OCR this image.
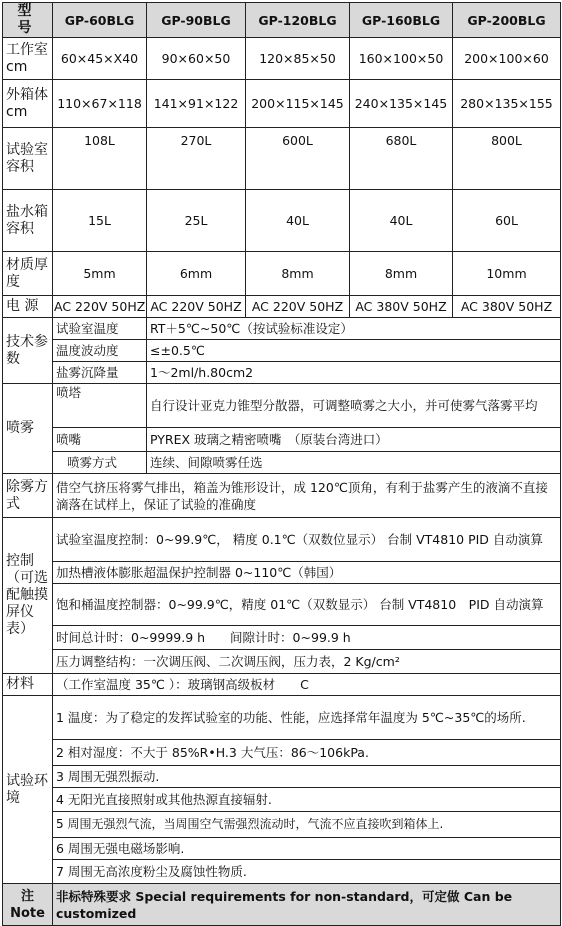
型 号	GP-60BLG	GP-90BLG	GP-120BLG	GP-160BLG	GP-200BLG
工作室 cm	60×45×X40	90×60×50	120×85×50	160×100×50	200×100×60
外箱体 cm	110×67×118	141×91×122	200×115×145	240×135×145	280×135×155
试验室容积	108L	270L	600L	680L	800L
盐水箱容积	15L	25L	40L	40L	60L
材质厚度	5mm	6mm	8mm	8mm	10mm
电 源	AC 220V 50HZ	AC 220V 50HZ	AC 220V 50HZ	AC 380V 50HZ	AC 380V 50HZ
技术参数	试验室温度	RT＋5℃~50℃（按试验标准设定）			
	温度波动度	≤±0.5℃			
	盐雾沉降量	1～2ml/h.80cm2			
喷雾	喷塔	自行设计亚克力锥型分散器，可调整喷雾之大小，并可使雾气落雾平均			
	喷嘴	PYREX 玻璃之精密喷嘴　（原装台湾进口）			
	喷雾方式	连续、间隙喷雾任选			
除雾方式	借空气挤压将雾气排出，箱盖为锥形设计，成 120℃顶角，有利于盐雾产生的液滴不直接滴落在试样上，保证了试验的准确度				
控制（可选配触摸屏仪表）	试验室温度控制：0~99.9℃， 精度 0.1℃（双数位显示） 台制 VT4810 PID 自动演算				
	加热槽液体膨胀超温保护控制器 0~110℃（韩国）				
	饱和桶温度控制器：0~99.9℃，精度 01℃（双数显示） 台制 VT4810　PID 自动演算				
	时间总计时：0~9999.9 h　　间隙计时：0~99.9 h				
	压力调整结构：一次调压阀、二次调压阀，压力表，2 Kg/cm²				
材料	（工作室温度 35℃ ）：玻璃钢高级板材　　C				
试验环境	1 温度：为了稳定的发挥试验室的功能、性能，应选择常年温度为 5℃~35℃的场所.				
	2 相对湿度：不大于 85%R•H.3 大气压：86～106kPa.				
	3 周围无强烈振动.				
	4 无阳光直接照射或其他热源直接辐射.				
	5 周围无强烈气流，当周围空气需强烈流动时，气流不应直接吹到箱体上.				
	6 周围无强电磁场影响.				
	7 周围无高浓度粉尘及腐蚀性物质.				
注 Note	非标特殊要求 Special requirements for non-standard，可定做 Can be customized				
